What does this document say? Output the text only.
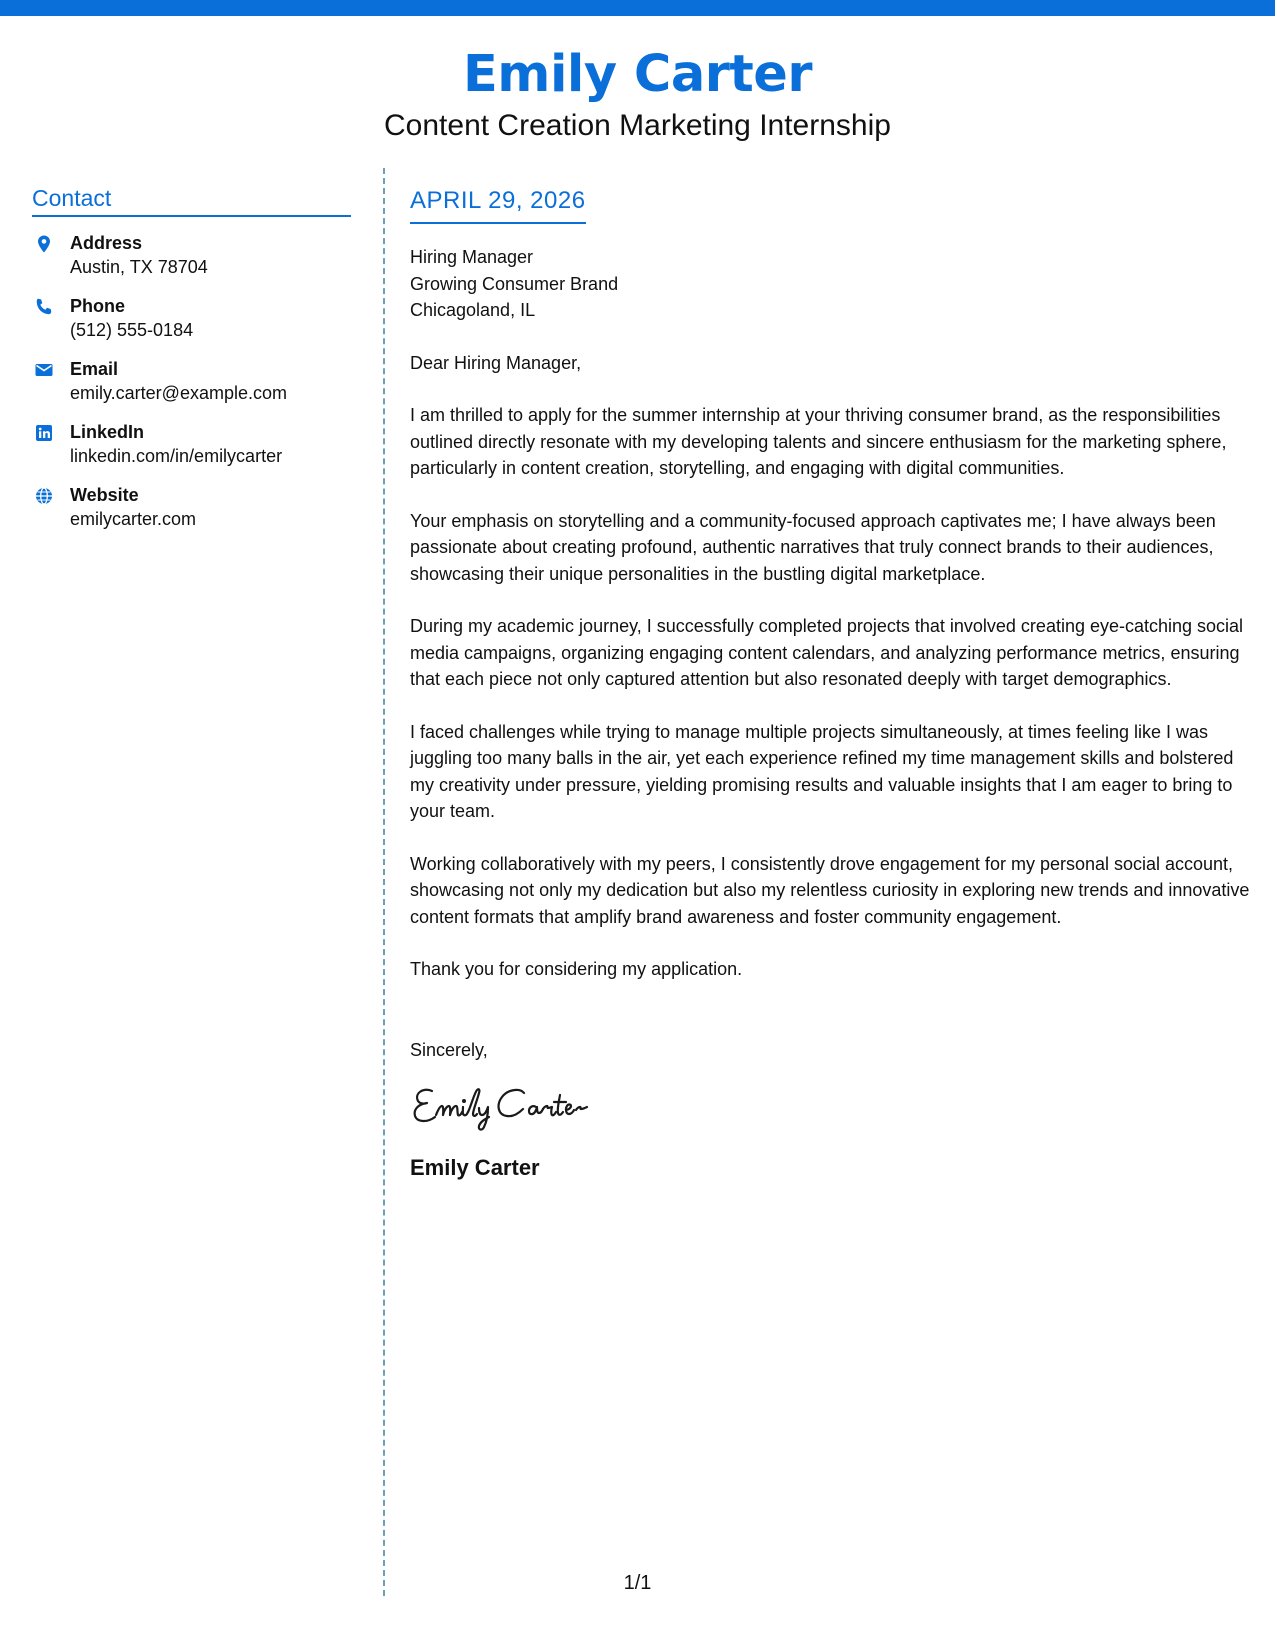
Emily Carter
Content Creation Marketing Internship
Contact
Address
Austin, TX 78704
Phone
(512) 555-0184
Email
emily.carter@example.com
LinkedIn
linkedin.com/in/emilycarter
Website
emilycarter.com
APRIL 29, 2026
Hiring Manager
Growing Consumer Brand
Chicagoland, IL
Dear Hiring Manager,
I am thrilled to apply for the summer internship at your thriving consumer brand, as the responsibilities outlined directly resonate with my developing talents and sincere enthusiasm for the marketing sphere, particularly in content creation, storytelling, and engaging with digital communities.
Your emphasis on storytelling and a community-focused approach captivates me; I have always been passionate about creating profound, authentic narratives that truly connect brands to their audiences, showcasing their unique personalities in the bustling digital marketplace.
During my academic journey, I successfully completed projects that involved creating eye-catching social media campaigns, organizing engaging content calendars, and analyzing performance metrics, ensuring that each piece not only captured attention but also resonated deeply with target demographics.
I faced challenges while trying to manage multiple projects simultaneously, at times feeling like I was juggling too many balls in the air, yet each experience refined my time management skills and bolstered my creativity under pressure, yielding promising results and valuable insights that I am eager to bring to your team.
Working collaboratively with my peers, I consistently drove engagement for my personal social account, showcasing not only my dedication but also my relentless curiosity in exploring new trends and innovative content formats that amplify brand awareness and foster community engagement.
Thank you for considering my application.
Sincerely,
Emily Carter
1/1
